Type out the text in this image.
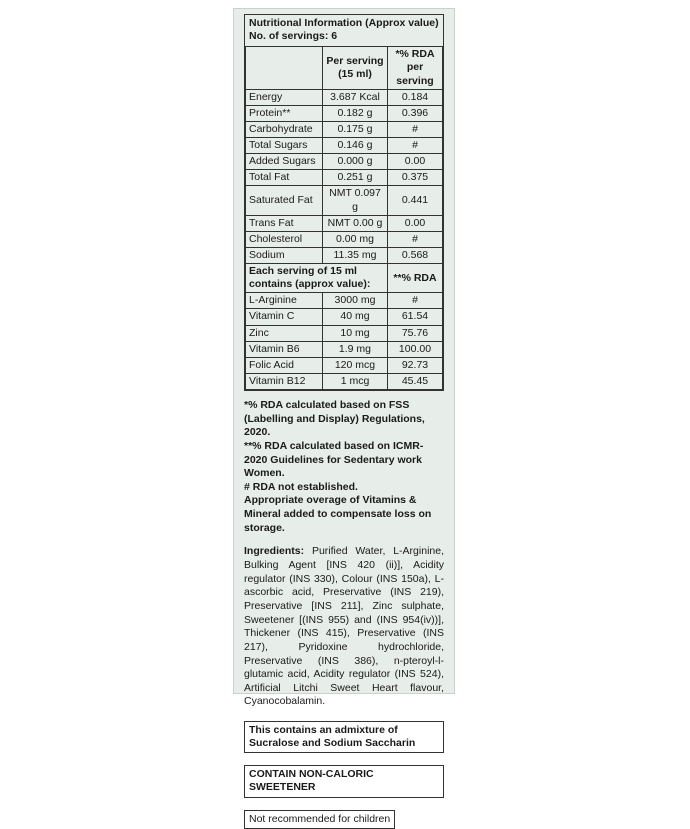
Nutritional Information (Approx value)
No. of servings: 6
	Per serving (15 ml)	*% RDA per serving
Energy	3.687 Kcal	0.184
Protein**	0.182 g	0.396
Carbohydrate	0.175 g	#
Total Sugars	0.146 g	#
Added Sugars	0.000 g	0.00
Total Fat	0.251 g	0.375
Saturated Fat	NMT 0.097 g	0.441
Trans Fat	NMT 0.00 g	0.00
Cholesterol	0.00 mg	#
Sodium	11.35 mg	0.568
Each serving of 15 ml contains (approx value):		**% RDA
L-Arginine	3000 mg	#
Vitamin C	40 mg	61.54
Zinc	10 mg	75.76
Vitamin B6	1.9 mg	100.00
Folic Acid	120 mcg	92.73
Vitamin B12	1 mcg	45.45
*% RDA calculated based on FSS (Labelling and Display) Regulations, 2020.
**% RDA calculated based on ICMR-2020 Guidelines for Sedentary work Women.
# RDA not established.
Appropriate overage of Vitamins & Mineral added to compensate loss on storage.
Ingredients: Purified Water, L-Arginine, Bulking Agent [INS 420 (ii)], Acidity regulator (INS 330), Colour (INS 150a), L-ascorbic acid, Preservative (INS 219), Preservative [INS 211], Zinc sulphate, Sweetener [(INS 955) and (INS 954(iv))], Thickener (INS 415), Preservative (INS 217), Pyridoxine hydrochloride, Preservative (INS 386), n-pteroyl-l-glutamic acid, Acidity regulator (INS 524), Artificial Litchi Sweet Heart flavour, Cyanocobalamin.
This contains an admixture of Sucralose and Sodium Saccharin
CONTAIN NON-CALORIC SWEETENER
Not recommended for children
